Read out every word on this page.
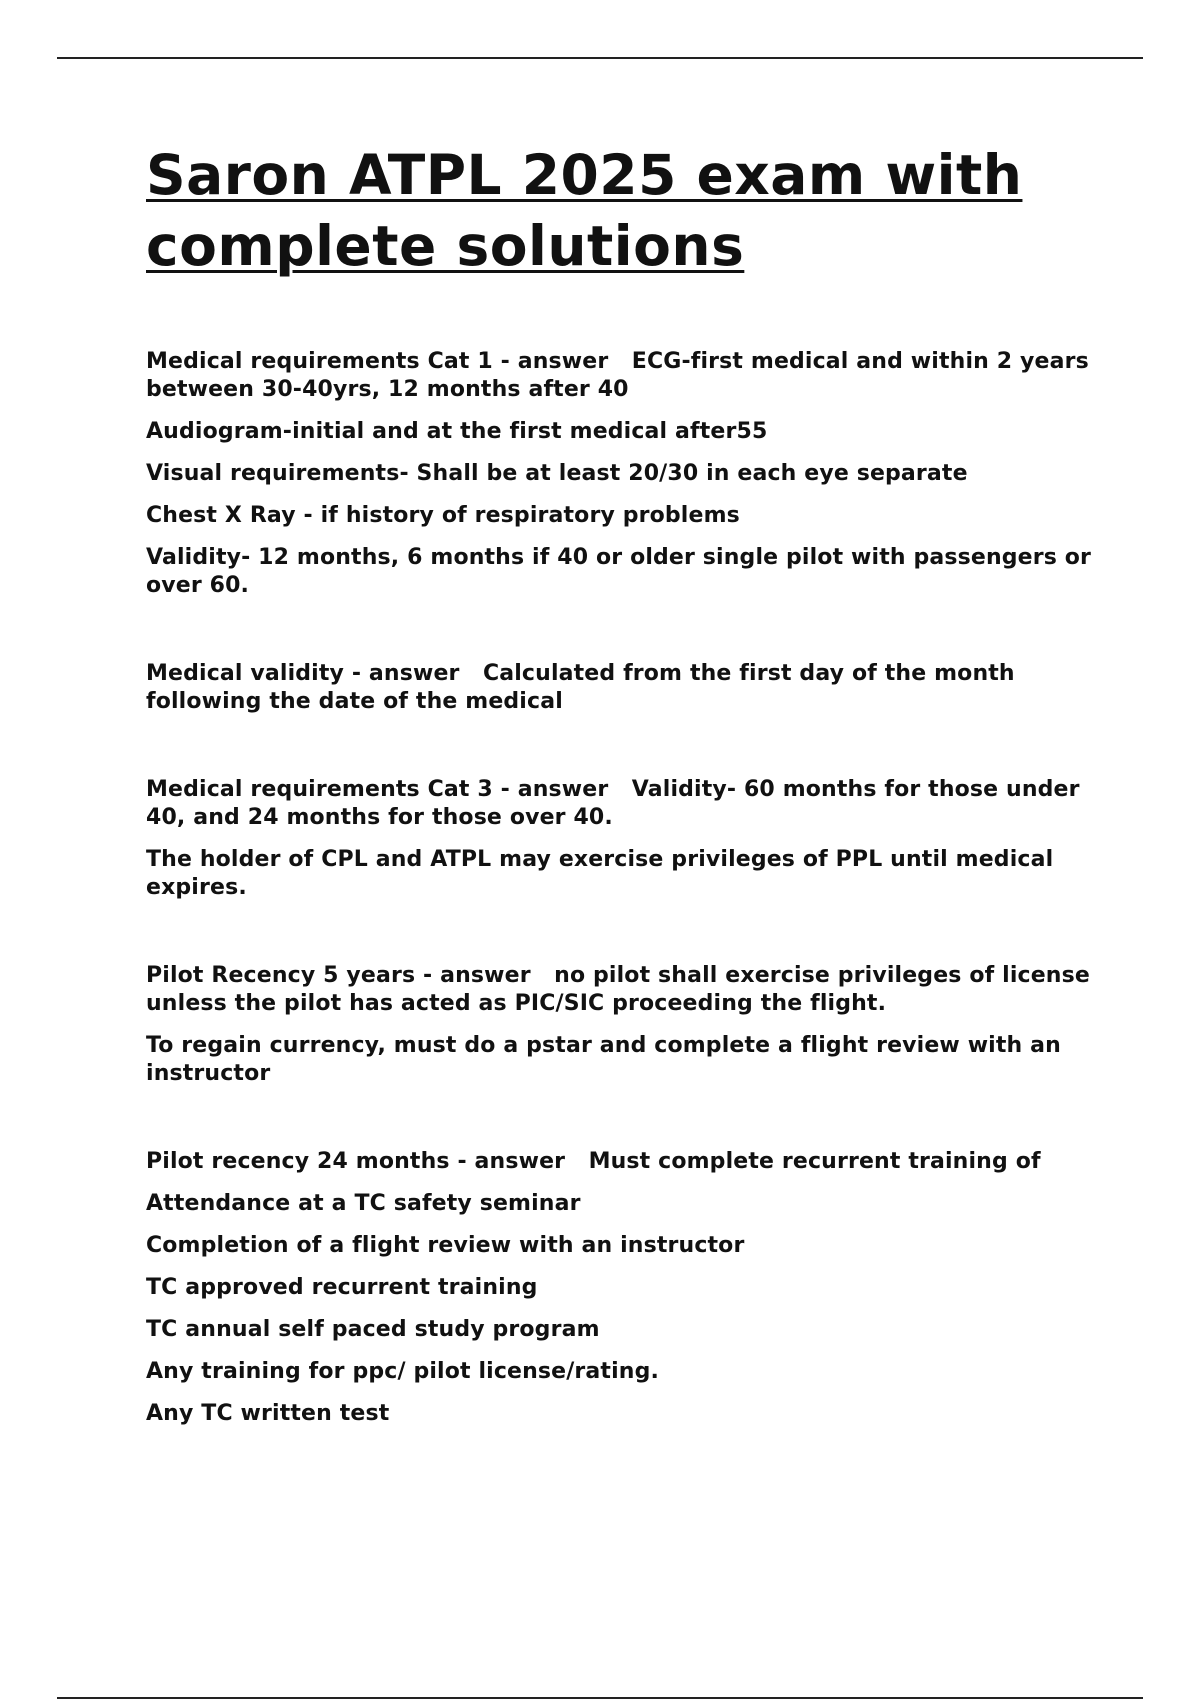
Saron ATPL 2025 exam with complete solutions

Medical requirements Cat 1 - answer   ECG-first medical and within 2 years between 30-40yrs, 12 months after 40

Audiogram-initial and at the first medical after55

Visual requirements- Shall be at least 20/30 in each eye separate

Chest X Ray - if history of respiratory problems

Validity- 12 months, 6 months if 40 or older single pilot with passengers or over 60.

Medical validity - answer   Calculated from the first day of the month following the date of the medical

Medical requirements Cat 3 - answer   Validity- 60 months for those under 40, and 24 months for those over 40.

The holder of CPL and ATPL may exercise privileges of PPL until medical expires.

Pilot Recency 5 years - answer   no pilot shall exercise privileges of license unless the pilot has acted as PIC/SIC proceeding the flight.

To regain currency, must do a pstar and complete a flight review with an instructor

Pilot recency 24 months - answer   Must complete recurrent training of

Attendance at a TC safety seminar

Completion of a flight review with an instructor

TC approved recurrent training

TC annual self paced study program

Any training for ppc/ pilot license/rating.

Any TC written test
